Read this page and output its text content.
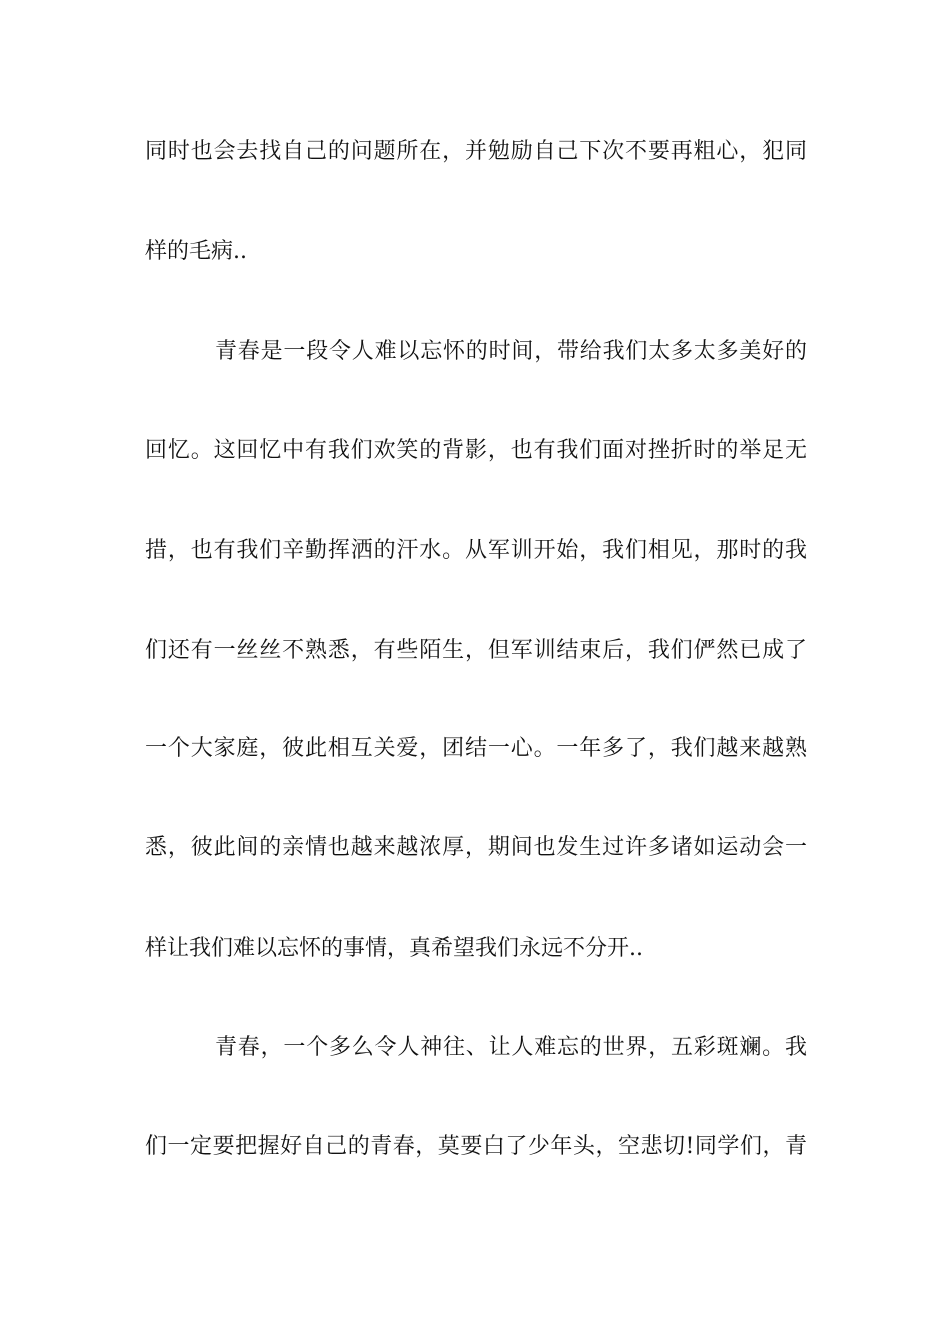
同时也会去找自己的问题所在，并勉励自己下次不要再粗心，犯同
样的毛病..
青春是一段令人难以忘怀的时间，带给我们太多太多美好的
回忆。这回忆中有我们欢笑的背影，也有我们面对挫折时的举足无
措，也有我们辛勤挥洒的汗水。从军训开始，我们相见，那时的我
们还有一丝丝不熟悉，有些陌生，但军训结束后，我们俨然已成了
一个大家庭，彼此相互关爱，团结一心。一年多了，我们越来越熟
悉，彼此间的亲情也越来越浓厚，期间也发生过许多诸如运动会一
样让我们难以忘怀的事情，真希望我们永远不分开..
青春，一个多么令人神往、让人难忘的世界，五彩斑斓。我
们一定要把握好自己的青春，莫要白了少年头，空悲切!同学们，青
